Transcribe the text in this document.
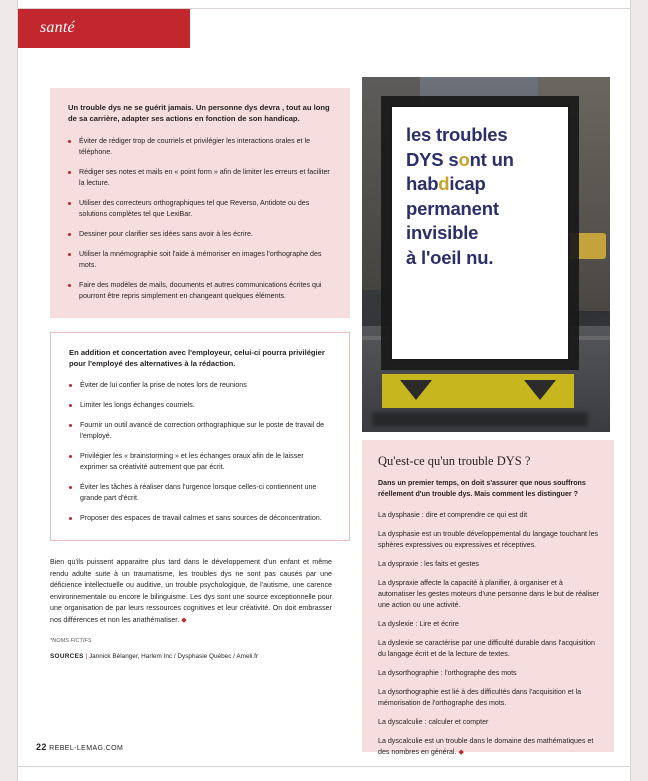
santé

Un trouble dys ne se guérit jamais. Un personne dys devra , tout au long de sa carrière, adapter ses actions en fonction de son handicap.

Éviter de rédiger trop de courriels et privilégier les interactions orales et le téléphone.
Rédiger ses notes et mails en « point form » afin de limiter les erreurs et faciliter la lecture.
Utiliser des correcteurs orthographiques tel que Reverso, Antidote ou des solutions complètes tel que LexiBar.
Dessiner pour clarifier ses idées sans avoir à les écrire.
Utiliser la mnémographie soit l'aide à mémoriser en images l'orthographe des mots.
Faire des modèles de mails, documents et autres communications écrites qui pourront être repris simplement en changeant quelques éléments.

En addition et concertation avec l'employeur, celui-ci pourra privilégier pour l'employé des alternatives à la rédaction.

Éviter de lui confier la prise de notes lors de reunions
Limiter les longs échanges courriels.
Fournir un outil avancé de correction orthographique sur le poste de travail de l'employé.
Privilégier les « brainstorming » et les échanges oraux afin de le laisser exprimer sa créativité autrement que par écrit.
Éviter les tâches à réaliser dans l'urgence lorsque celles-ci contiennent une grande part d'écrit.
Proposer des espaces de travail calmes et sans sources de déconcentration.

Bien qu'ils puissent apparaitre plus tard dans le développement d'un enfant et même rendu adulte suite à un traumatisme, les troubles dys ne sont pas causés par une déficience intellectuelle ou auditive, un trouble psychologique, de l'autisme, une carence environnementale ou encore le bilinguisme. Les dys sont une source exceptionnelle pour une organisation de par leurs ressources cognitives et leur créativité. On doit embrasser nos différences et non les anathématiser. ◆

*NOMS FICTIFS
SOURCES | Jannick Bélanger, Harlem Inc / Dysphasie Québec / Ameli.fr
22 REBEL-LEMAG.COM
les troubles
DYS sont un
habdicap
permanent
invisible
à l'oeil nu.
Qu'est-ce qu'un trouble DYS ?

Dans un premier temps, on doit s'assurer que nous souffrons réellement d'un trouble dys. Mais comment les distinguer ?

La dysphasie : dire et comprendre ce qui est dit

La dysphasie est un trouble développemental du langage touchant les sphères expressives ou expressives et réceptives.

La dyspraxie : les faits et gestes

La dyspraxie affecte la capacité à planifier, à organiser et à automatiser les gestes moteurs d'une personne dans le but de réaliser une action ou une activité.

La dyslexie : Lire et écrire

La dyslexie se caractérise par une difficulté durable dans l'acquisition du langage écrit et de la lecture de textes.

La dysorthographie : l'orthographe des mots

La dysorthographie est lié à des difficultés dans l'acquisition et la mémorisation de l'orthographe des mots.

La dyscalculie : calculer et compter

La dyscalculie est un trouble dans le domaine des mathématiques et des nombres en général. ◆
